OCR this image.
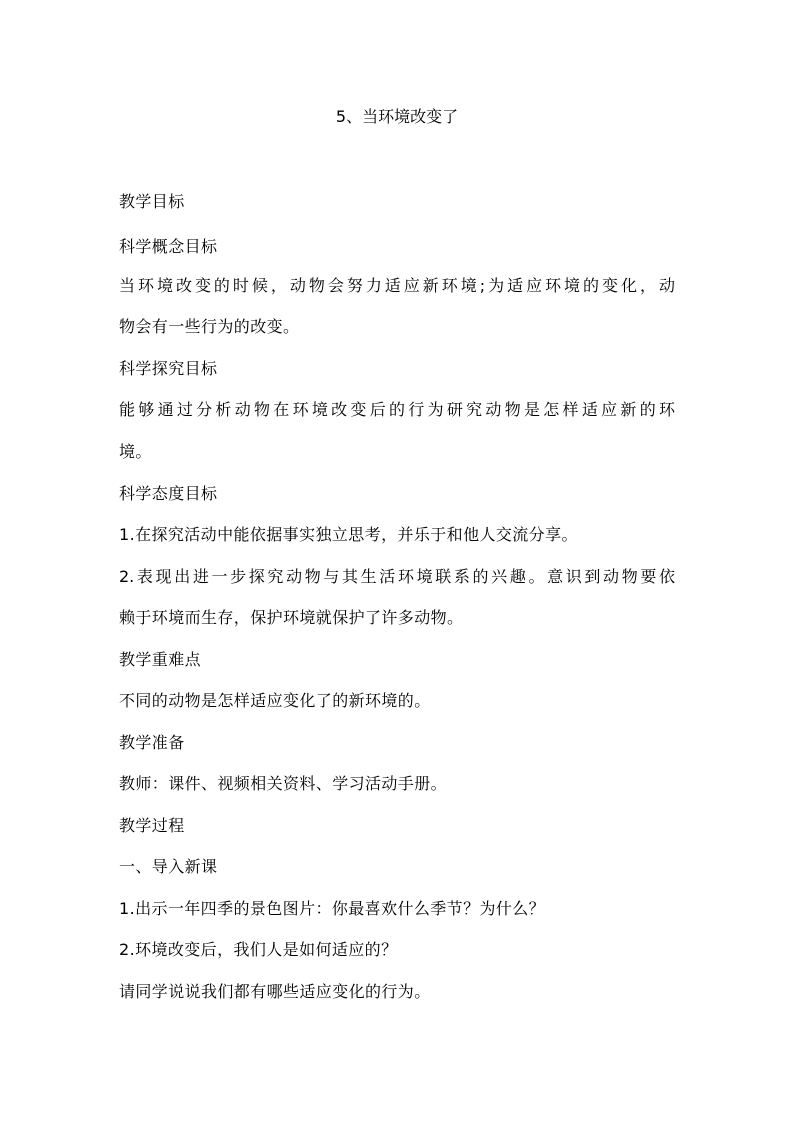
5、当环境改变了
教学目标
科学概念目标
当环境改变的时候，动物会努力适应新环境;为适应环境的变化，动
物会有一些行为的改变。
科学探究目标
能够通过分析动物在环境改变后的行为研究动物是怎样适应新的环
境。
科学态度目标
1.在探究活动中能依据事实独立思考，并乐于和他人交流分享。
2.表现出进一步探究动物与其生活环境联系的兴趣。意识到动物要依
赖于环境而生存，保护环境就保护了许多动物。
教学重难点
不同的动物是怎样适应变化了的新环境的。
教学准备
教师：课件、视频相关资料、学习活动手册。
教学过程
一、导入新课
1.出示一年四季的景色图片：你最喜欢什么季节？为什么？
2.环境改变后，我们人是如何适应的？
请同学说说我们都有哪些适应变化的行为。
